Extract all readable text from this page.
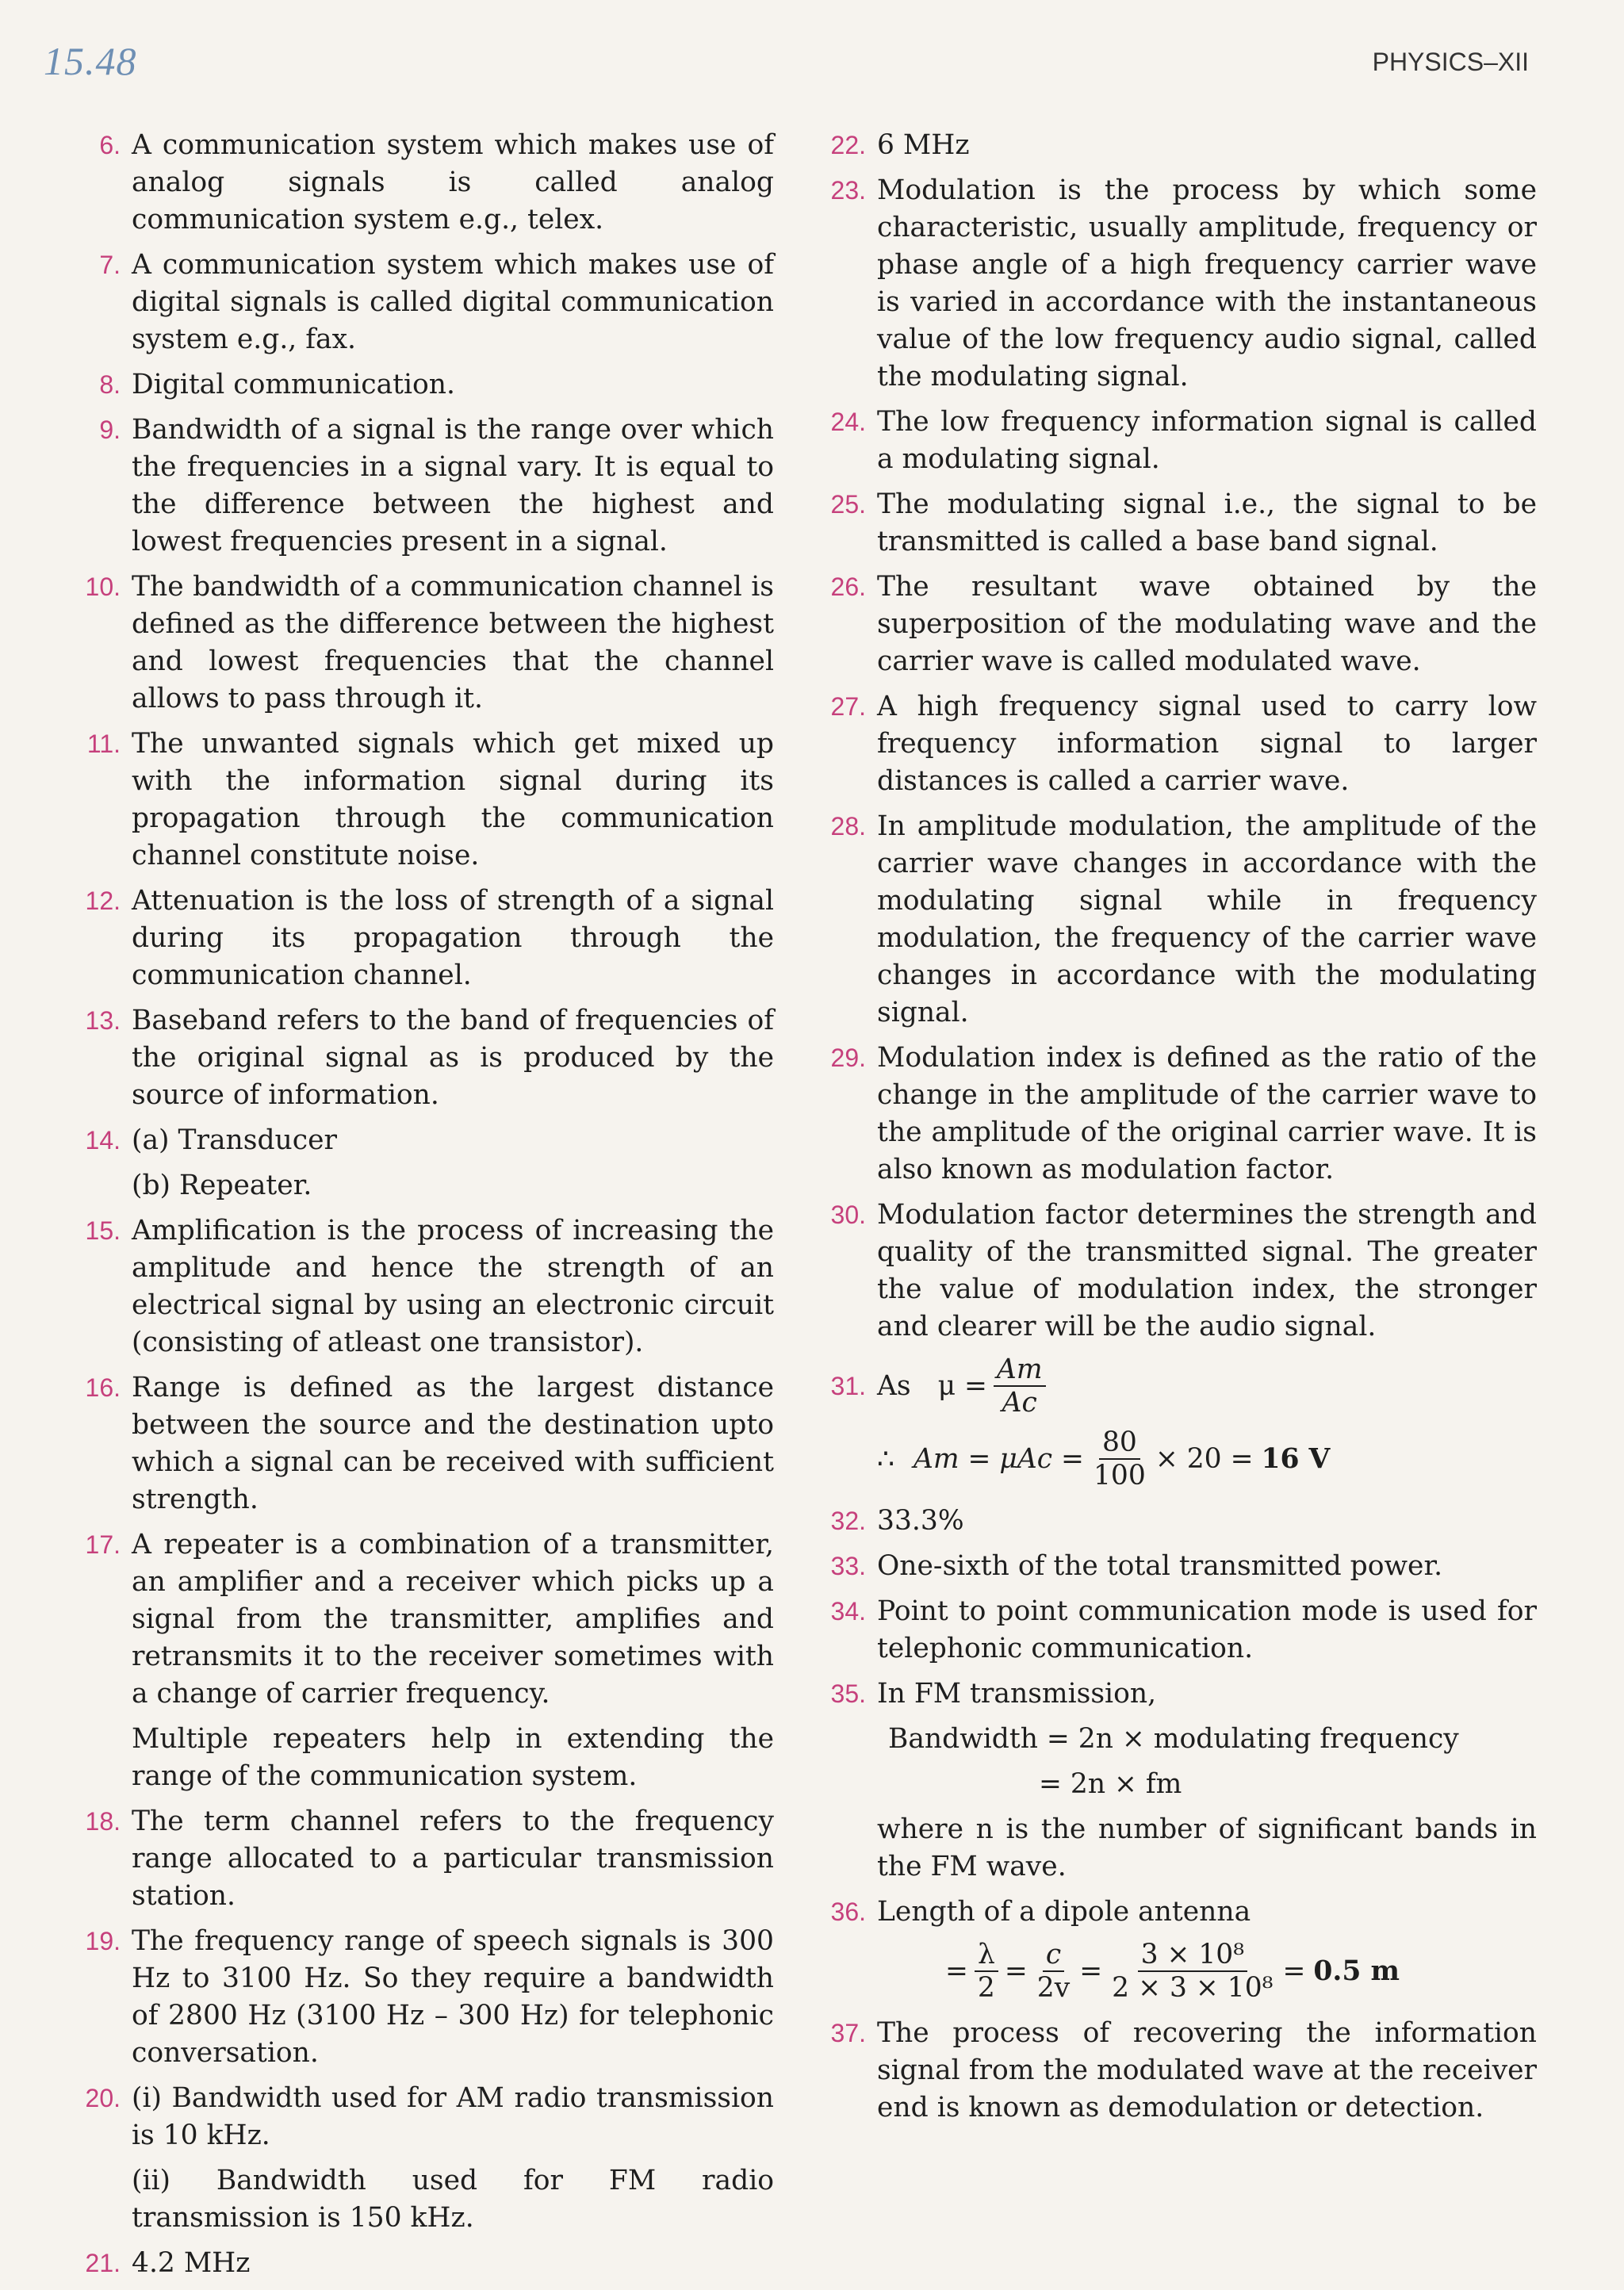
15.48	PHYSICS–XII
6. A communication system which makes use of analog signals is called analog communication system e.g., telex.
7. A communication system which makes use of digital signals is called digital communication system e.g., fax.
8. Digital communication.
9. Bandwidth of a signal is the range over which the frequencies in a signal vary. It is equal to the difference between the highest and lowest frequencies present in a signal.
10. The bandwidth of a communication channel is defined as the difference between the highest and lowest frequencies that the channel allows to pass through it.
11. The unwanted signals which get mixed up with the information signal during its propagation through the communication channel constitute noise.
12. Attenuation is the loss of strength of a signal during its propagation through the communication channel.
13. Baseband refers to the band of frequencies of the original signal as is produced by the source of information.
14. (a) Transducer
(b) Repeater.
15. Amplification is the process of increasing the amplitude and hence the strength of an electrical signal by using an electronic circuit (consisting of atleast one transistor).
16. Range is defined as the largest distance between the source and the destination upto which a signal can be received with sufficient strength.
17. A repeater is a combination of a transmitter, an amplifier and a receiver which picks up a signal from the transmitter, amplifies and retransmits it to the receiver sometimes with a change of carrier frequency.
Multiple repeaters help in extending the range of the communication system.
18. The term channel refers to the frequency range allocated to a particular transmission station.
19. The frequency range of speech signals is 300 Hz to 3100 Hz. So they require a bandwidth of 2800 Hz (3100 Hz – 300 Hz) for telephonic conversation.
20. (i) Bandwidth used for AM radio transmission is 10 kHz.
(ii) Bandwidth used for FM radio transmission is 150 kHz.
21. 4.2 MHz
22. 6 MHz
23. Modulation is the process by which some characteristic, usually amplitude, frequency or phase angle of a high frequency carrier wave is varied in accordance with the instantaneous value of the low frequency audio signal, called the modulating signal.
24. The low frequency information signal is called a modulating signal.
25. The modulating signal i.e., the signal to be transmitted is called a base band signal.
26. The resultant wave obtained by the superposition of the modulating wave and the carrier wave is called modulated wave.
27. A high frequency signal used to carry low frequency information signal to larger distances is called a carrier wave.
28. In amplitude modulation, the amplitude of the carrier wave changes in accordance with the modulating signal while in frequency modulation, the frequency of the carrier wave changes in accordance with the modulating signal.
29. Modulation index is defined as the ratio of the change in the amplitude of the carrier wave to the amplitude of the original carrier wave. It is also known as modulation factor.
30. Modulation factor determines the strength and quality of the transmitted signal. The greater the value of modulation index, the stronger and clearer will be the audio signal.
31. As $\mu = \frac{Am}{Ac}$
∴ $Am = \mu Ac = \frac{80}{100} \times 20 = 16$ V
32. 33.3%
33. One-sixth of the total transmitted power.
34. Point to point communication mode is used for telephonic communication.
35. In FM transmission,
Bandwidth = 2n × modulating frequency
= 2n × fm
where n is the number of significant bands in the FM wave.
36. Length of a dipole antenna
= $\frac{\lambda}{2} = \frac{c}{2v} = \frac{\text{3 × 10⁸}}{\text{2 × 3 × 10⁸}} = 0.5$ m
37. The process of recovering the information signal from the modulated wave at the receiver end is known as demodulation or detection.
